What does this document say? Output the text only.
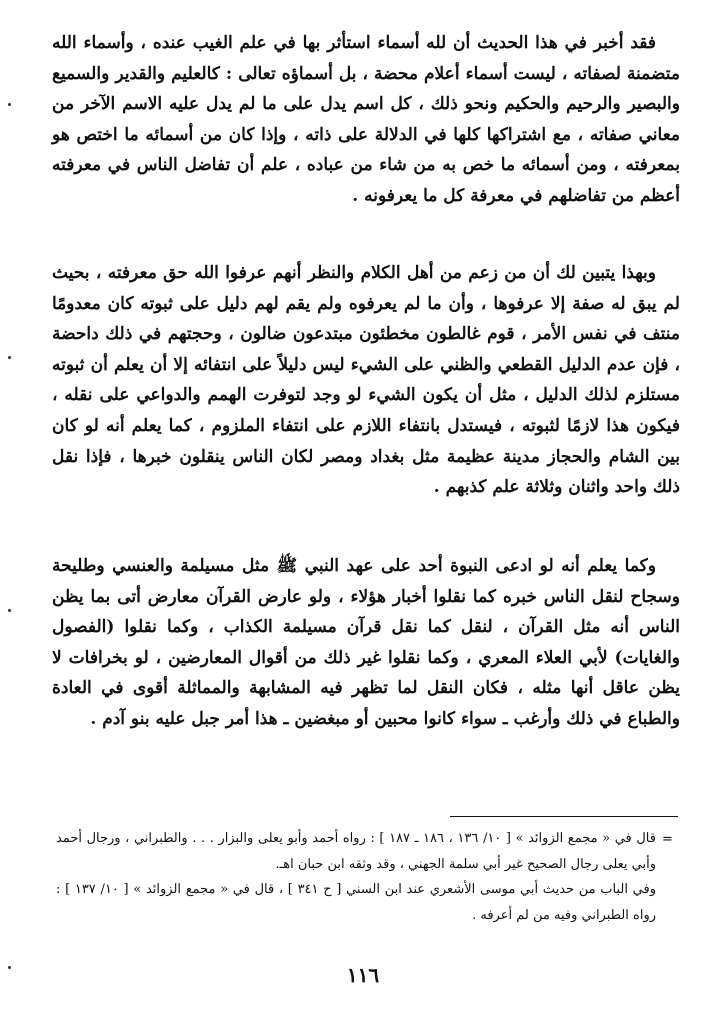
فقد أخبر في هذا الحديث أن لله أسماء استأثر بها في علم الغيب عنده ، وأسماء الله متضمنة لصفاته ، ليست أسماء أعلام محضة ، بل أسماؤه تعالى : كالعليم والقدير والسميع والبصير والرحيم والحكيم ونحو ذلك ، كل اسم يدل على ما لم يدل عليه الاسم الآخر من معاني صفاته ، مع اشتراكها كلها في الدلالة على ذاته ، وإذا كان من أسمائه ما اختص هو بمعرفته ، ومن أسمائه ما خص به من شاء من عباده ، علم أن تفاضل الناس في معرفته أعظم من تفاضلهم في معرفة كل ما يعرفونه .

وبهذا يتبين لك أن من زعم من أهل الكلام والنظر أنهم عرفوا الله حق معرفته ، بحيث لم يبق له صفة إلا عرفوها ، وأن ما لم يعرفوه ولم يقم لهم دليل على ثبوته كان معدومًا منتف في نفس الأمر ، قوم غالطون مخطئون مبتدعون ضالون ، وحجتهم في ذلك داحضة ، فإن عدم الدليل القطعي والظني على الشيء ليس دليلاً على انتفائه إلا أن يعلم أن ثبوته مستلزم لذلك الدليل ، مثل أن يكون الشيء لو وجد لتوفرت الهمم والدواعي على نقله ، فيكون هذا لازمًا لثبوته ، فيستدل بانتفاء اللازم على انتفاء الملزوم ، كما يعلم أنه لو كان بين الشام والحجاز مدينة عظيمة مثل بغداد ومصر لكان الناس ينقلون خبرها ، فإذا نقل ذلك واحد واثنان وثلاثة علم كذبهم .

وكما يعلم أنه لو ادعى النبوة أحد على عهد النبي ﷺ مثل مسيلمة والعنسي وطليحة وسجاح لنقل الناس خبره كما نقلوا أخبار هؤلاء ، ولو عارض القرآن معارض أتى بما يظن الناس أنه مثل القرآن ، لنقل كما نقل قرآن مسيلمة الكذاب ، وكما نقلوا (الفصول والغايات) لأبي العلاء المعري ، وكما نقلوا غير ذلك من أقوال المعارضين ، لو بخرافات لا يظن عاقل أنها مثله ، فكان النقل لما تظهر فيه المشابهة والمماثلة أقوى في العادة والطباع في ذلك وأرغب ـ سواء كانوا محبين أو مبغضين ـ هذا أمر جبل عليه بنو آدم .

=

قال في « مجمع الزوائد » [ ١٠/ ١٣٦ ، ١٨٦ ـ ١٨٧ ] : رواه أحمد وأبو يعلى والبزار . . . والطبراني ، ورجال أحمد وأبي يعلى رجال الصحيح غير أبي سلمة الجهني ، وقد وثقه ابن حبان اهـ.

وفي الباب من حديث أبي موسى الأشعري عند ابن السني [ ح ٣٤١ ] ، قال في « مجمع الزوائد » [ ١٠/ ١٣٧ ] : رواه الطبراني وفيه من لم أعرفه .

١١٦
